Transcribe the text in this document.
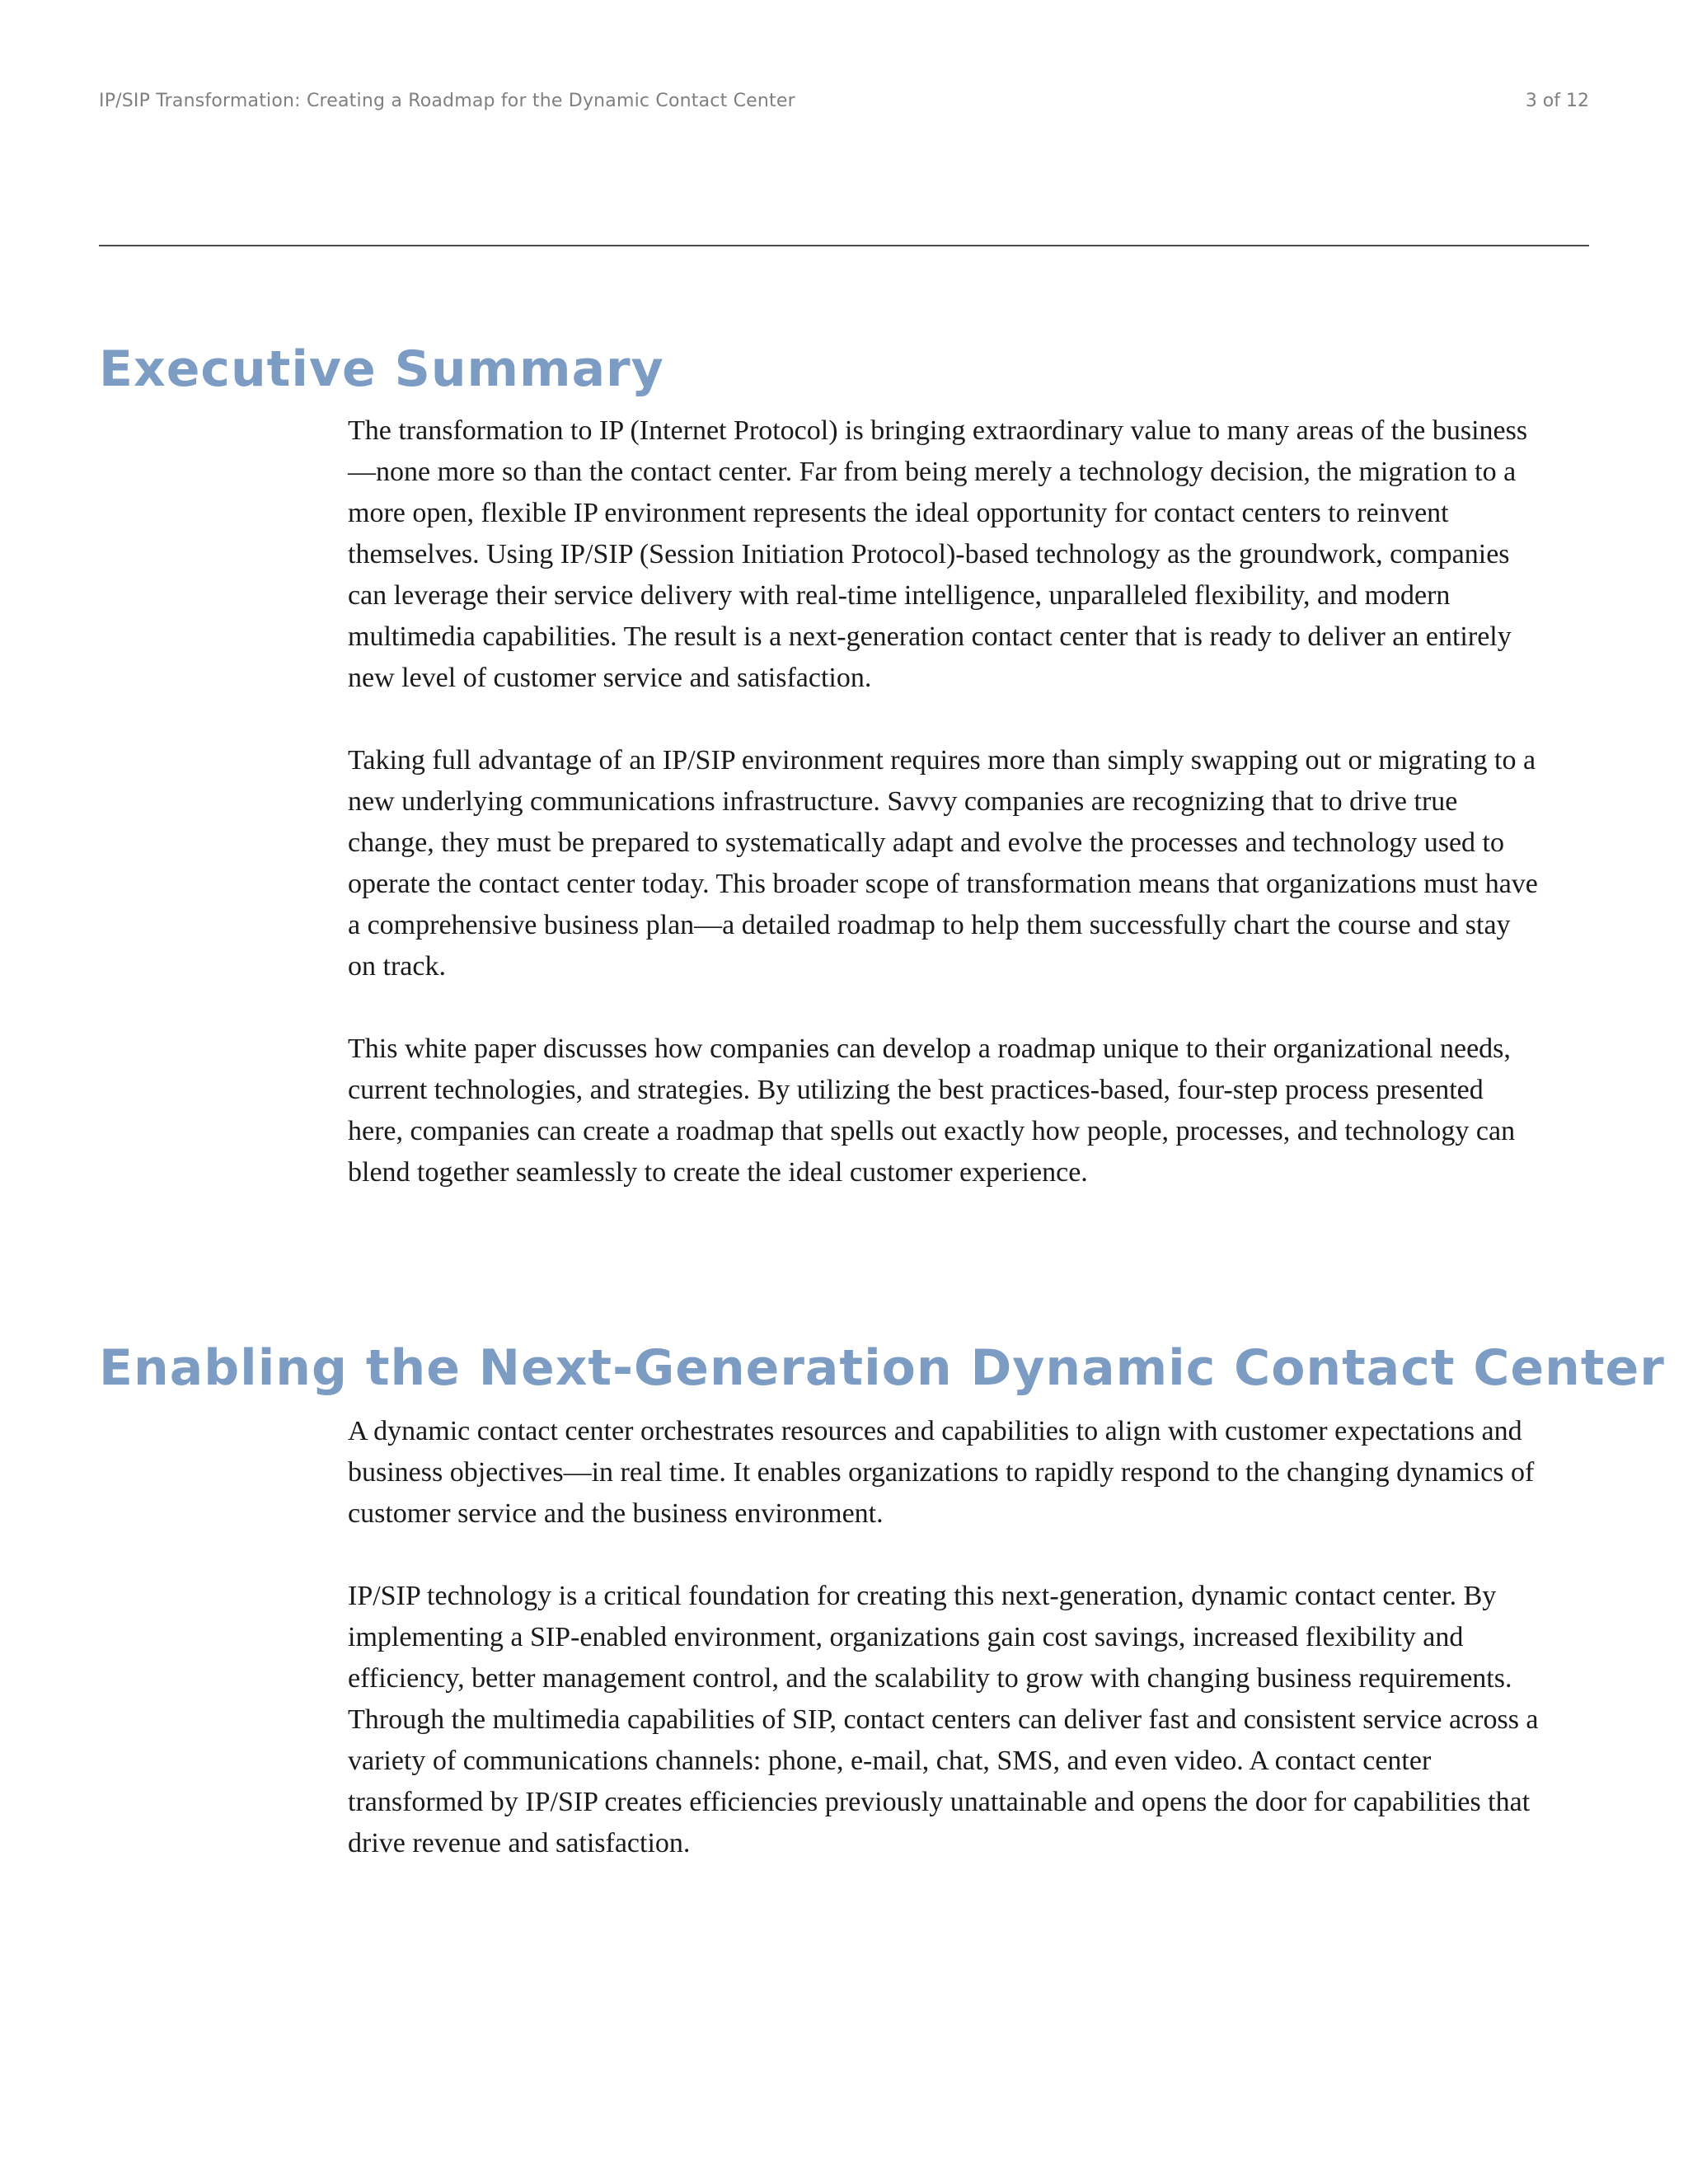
IP/SIP Transformation: Creating a Roadmap for the Dynamic Contact Center	3 of 12
Executive Summary

The transformation to IP (Internet Protocol) is bringing extraordinary value to many areas of the business—none more so than the contact center. Far from being merely a technology decision, the migration to a more open, flexible IP environment represents the ideal opportunity for contact centers to reinvent themselves. Using IP/SIP (Session Initiation Protocol)-based technology as the groundwork, companies can leverage their service delivery with real-time intelligence, unparalleled flexibility, and modern multimedia capabilities. The result is a next-generation contact center that is ready to deliver an entirely new level of customer service and satisfaction.

Taking full advantage of an IP/SIP environment requires more than simply swapping out or migrating to a new underlying communications infrastructure. Savvy companies are recognizing that to drive true change, they must be prepared to systematically adapt and evolve the processes and technology used to operate the contact center today. This broader scope of transformation means that organizations must have a comprehensive business plan—a detailed roadmap to help them successfully chart the course and stay on track.

This white paper discusses how companies can develop a roadmap unique to their organizational needs, current technologies, and strategies. By utilizing the best practices-based, four-step process presented here, companies can create a roadmap that spells out exactly how people, processes, and technology can blend together seamlessly to create the ideal customer experience.

Enabling the Next-Generation Dynamic Contact Center

A dynamic contact center orchestrates resources and capabilities to align with customer expectations and business objectives—in real time. It enables organizations to rapidly respond to the changing dynamics of customer service and the business environment.

IP/SIP technology is a critical foundation for creating this next-generation, dynamic contact center. By implementing a SIP-enabled environment, organizations gain cost savings, increased flexibility and efficiency, better management control, and the scalability to grow with changing business requirements. Through the multimedia capabilities of SIP, contact centers can deliver fast and consistent service across a variety of communications channels: phone, e-mail, chat, SMS, and even video. A contact center transformed by IP/SIP creates efficiencies previously unattainable and opens the door for capabilities that drive revenue and satisfaction.
